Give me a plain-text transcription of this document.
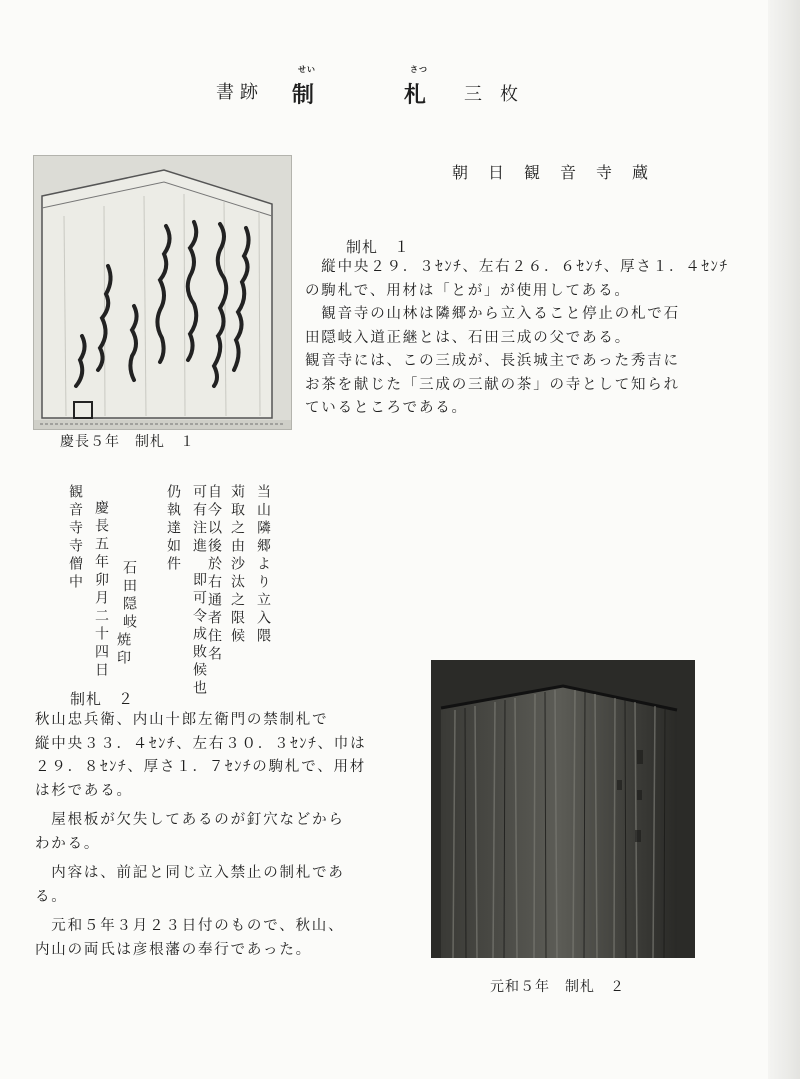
書跡
せい
制
さつ
札 三枚
朝日観音寺蔵
慶長５年　制札　１
制札　１

　縦中央２９．３ｾﾝﾁ、左右２６．６ｾﾝﾁ、厚さ１．４ｾﾝﾁ

の駒札で、用材は「とが」が使用してある。

　観音寺の山林は隣郷から立入ること停止の札で石

田隠岐入道正継とは、石田三成の父である。

観音寺には、この三成が、長浜城主であった秀吉に

お茶を献じた「三成の三献の茶」の寺として知られ

ているところである。

当山隣郷より立入隈
苅取之由沙汰之限候
自今以後於右通者住名
可有注進
即可令成敗候也
仍執達如件
石田隠岐
焼印
慶長五年卯月二十四日
観音寺寺僧中
制札　２

秋山忠兵衛、内山十郎左衛門の禁制札で

縦中央３３．４ｾﾝﾁ、左右３０．３ｾﾝﾁ、巾は

２９．８ｾﾝﾁ、厚さ１．７ｾﾝﾁの駒札で、用材

は杉である。

　屋根板が欠失してあるのが釘穴などから

わかる。

　内容は、前記と同じ立入禁止の制札であ

る。

　元和５年３月２３日付のもので、秋山、

内山の両氏は彦根藩の奉行であった。

元和５年　制札　２
